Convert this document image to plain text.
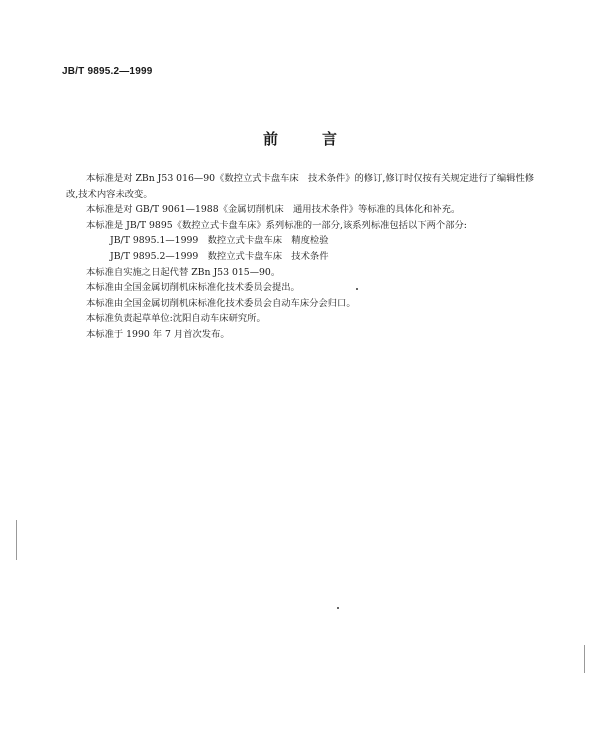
JB/T 9895.2—1999
前	言

本标准是对 ZBn J53 016—90《数控立式卡盘车床　技术条件》的修订,修订时仅按有关规定进行了编辑性修改,技术内容未改变。

本标准是对 GB/T 9061—1988《金属切削机床　通用技术条件》等标准的具体化和补充。

本标准是 JB/T 9895《数控立式卡盘车床》系列标准的一部分,该系列标准包括以下两个部分:

JB/T 9895.1—1999　数控立式卡盘车床　精度检验

JB/T 9895.2—1999　数控立式卡盘车床　技术条件

本标准自实施之日起代替 ZBn J53 015—90。

本标准由全国金属切削机床标准化技术委员会提出。

本标准由全国金属切削机床标准化技术委员会自动车床分会归口。

本标准负责起草单位:沈阳自动车床研究所。

本标准于 1990 年 7 月首次发布。
